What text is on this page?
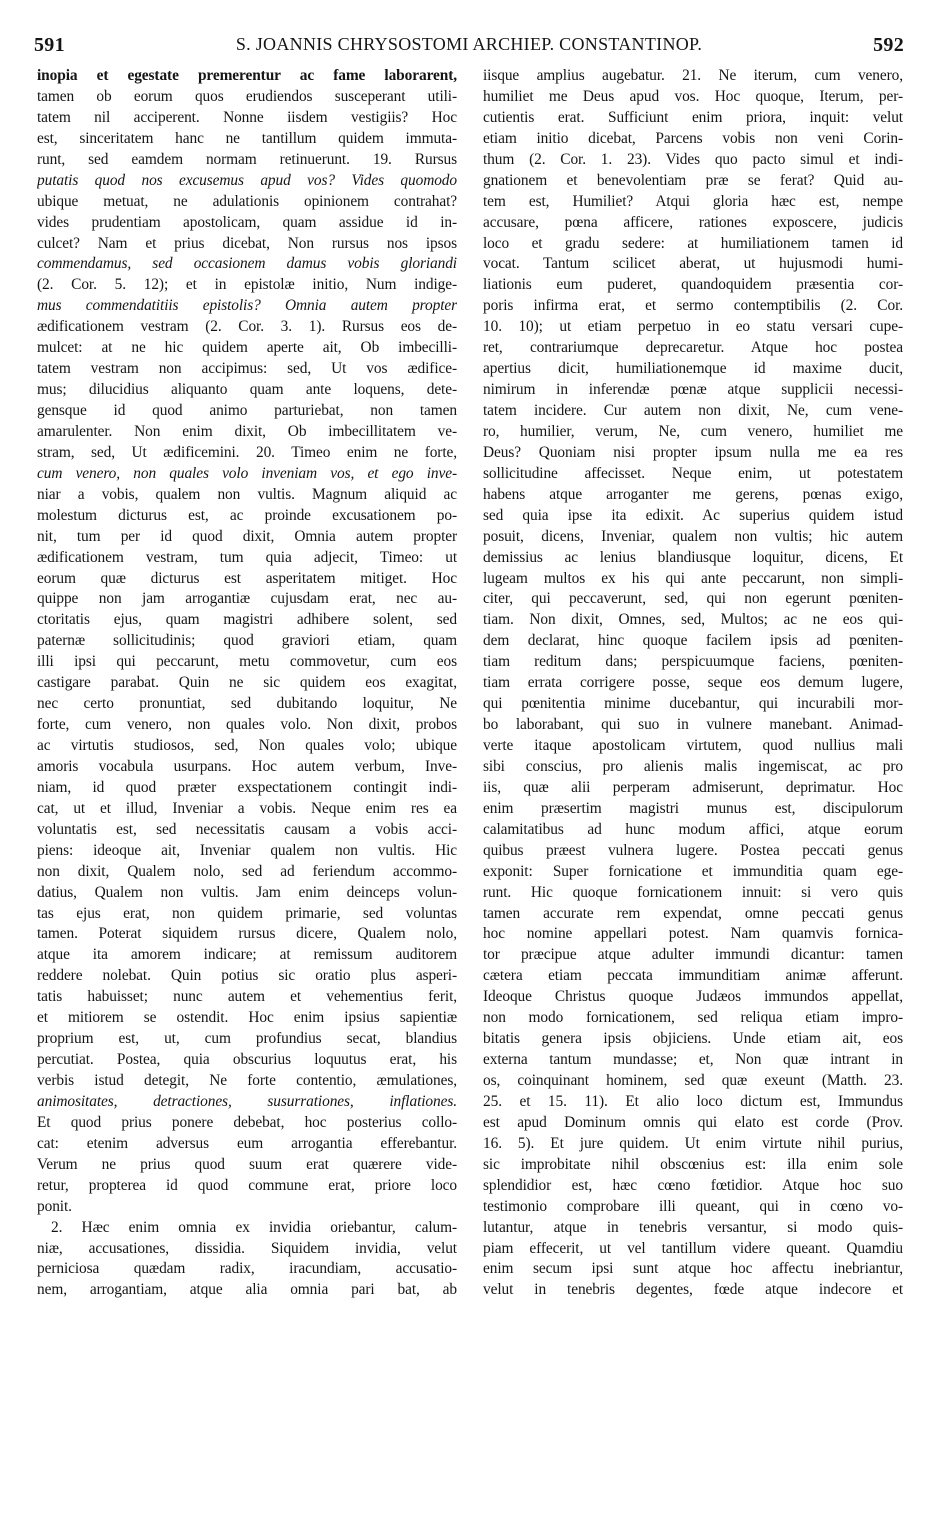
591	S. JOANNIS CHRYSOSTOMI ARCHIEP. CONSTANTINOP.	592
inopia et egestate premerentur ac fame laborarent,
tamen ob eorum quos erudiendos susceperant utili-
tatem nil acciperent. Nonne iisdem vestigiis? Hoc
est, sinceritatem hanc ne tantillum quidem immuta-
runt, sed eamdem normam retinuerunt. 19. Rursus
putatis quod nos excusemus apud vos? Vides quomodo
ubique metuat, ne adulationis opinionem contrahat?
vides prudentiam apostolicam, quam assidue id in-
culcet? Nam et prius dicebat, Non rursus nos ipsos
commendamus, sed occasionem damus vobis gloriandi
(2. Cor. 5. 12); et in epistolæ initio, Num indige-
mus commendatitiis epistolis? Omnia autem propter
ædificationem vestram (2. Cor. 3. 1). Rursus eos de-
mulcet: at ne hic quidem aperte ait, Ob imbecilli-
tatem vestram non accipimus: sed, Ut vos ædifice-
mus; dilucidius aliquanto quam ante loquens, dete-
gensque id quod animo parturiebat, non tamen
amarulenter. Non enim dixit, Ob imbecillitatem ve-
stram, sed, Ut ædificemini. 20. Timeo enim ne forte,
cum venero, non quales volo inveniam vos, et ego inve-
niar a vobis, qualem non vultis. Magnum aliquid ac
molestum dicturus est, ac proinde excusationem po-
nit, tum per id quod dixit, Omnia autem propter
ædificationem vestram, tum quia adjecit, Timeo: ut
eorum quæ dicturus est asperitatem mitiget. Hoc
quippe non jam arrogantiæ cujusdam erat, nec au-
ctoritatis ejus, quam magistri adhibere solent, sed
paternæ sollicitudinis; quod graviori etiam, quam
illi ipsi qui peccarunt, metu commovetur, cum eos
castigare parabat. Quin ne sic quidem eos exagitat,
nec certo pronuntiat, sed dubitando loquitur, Ne
forte, cum venero, non quales volo. Non dixit, probos
ac virtutis studiosos, sed, Non quales volo; ubique
amoris vocabula usurpans. Hoc autem verbum, Inve-
niam, id quod præter exspectationem contingit indi-
cat, ut et illud, Inveniar a vobis. Neque enim res ea
voluntatis est, sed necessitatis causam a vobis acci-
piens: ideoque ait, Inveniar qualem non vultis. Hic
non dixit, Qualem nolo, sed ad feriendum accommo-
datius, Qualem non vultis. Jam enim deinceps volun-
tas ejus erat, non quidem primarie, sed voluntas
tamen. Poterat siquidem rursus dicere, Qualem nolo,
atque ita amorem indicare; at remissum auditorem
reddere nolebat. Quin potius sic oratio plus asperi-
tatis habuisset; nunc autem et vehementius ferit,
et mitiorem se ostendit. Hoc enim ipsius sapientiæ
proprium est, ut, cum profundius secat, blandius
percutiat. Postea, quia obscurius loquutus erat, his
verbis istud detegit, Ne forte contentio, æmulationes,
animositates, detractiones, susurrationes, inflationes.
Et quod prius ponere debebat, hoc posterius collo-
cat: etenim adversus eum arrogantia efferebantur.
Verum ne prius quod suum erat quærere vide-
retur, propterea id quod commune erat, priore loco
ponit.
2. Hæc enim omnia ex invidia oriebantur, calum-
niæ, accusationes, dissidia. Siquidem invidia, velut
perniciosa quædam radix, iracundiam, accusatio-
nem, arrogantiam, atque alia omnia pari bat, ab
iisque amplius augebatur. 21. Ne iterum, cum venero,
humiliet me Deus apud vos. Hoc quoque, Iterum, per-
cutientis erat. Sufficiunt enim priora, inquit: velut
etiam initio dicebat, Parcens vobis non veni Corin-
thum (2. Cor. 1. 23). Vides quo pacto simul et indi-
gnationem et benevolentiam præ se ferat? Quid au-
tem est, Humiliet? Atqui gloria hæc est, nempe
accusare, pœna afficere, rationes exposcere, judicis
loco et gradu sedere: at humiliationem tamen id
vocat. Tantum scilicet aberat, ut hujusmodi humi-
liationis eum puderet, quandoquidem præsentia cor-
poris infirma erat, et sermo contemptibilis (2. Cor.
10. 10); ut etiam perpetuo in eo statu versari cupe-
ret, contrariumque deprecaretur. Atque hoc postea
apertius dicit, humiliationemque id maxime ducit,
nimirum in inferendæ pœnæ atque supplicii necessi-
tatem incidere. Cur autem non dixit, Ne, cum vene-
ro, humilier, verum, Ne, cum venero, humiliet me
Deus? Quoniam nisi propter ipsum nulla me ea res
sollicitudine affecisset. Neque enim, ut potestatem
habens atque arroganter me gerens, pœnas exigo,
sed quia ipse ita edixit. Ac superius quidem istud
posuit, dicens, Inveniar, qualem non vultis; hic autem
demissius ac lenius blandiusque loquitur, dicens, Et
lugeam multos ex his qui ante peccarunt, non simpli-
citer, qui peccaverunt, sed, qui non egerunt pœniten-
tiam. Non dixit, Omnes, sed, Multos; ac ne eos qui-
dem declarat, hinc quoque facilem ipsis ad pœniten-
tiam reditum dans; perspicuumque faciens, pœniten-
tiam errata corrigere posse, seque eos demum lugere,
qui pœnitentia minime ducebantur, qui incurabili mor-
bo laborabant, qui suo in vulnere manebant. Animad-
verte itaque apostolicam virtutem, quod nullius mali
sibi conscius, pro alienis malis ingemiscat, ac pro
iis, quæ alii perperam admiserunt, deprimatur. Hoc
enim præsertim magistri munus est, discipulorum
calamitatibus ad hunc modum affici, atque eorum
quibus præest vulnera lugere. Postea peccati genus
exponit: Super fornicatione et immunditia quam ege-
runt. Hic quoque fornicationem innuit: si vero quis
tamen accurate rem expendat, omne peccati genus
hoc nomine appellari potest. Nam quamvis fornica-
tor præcipue atque adulter immundi dicantur: tamen
cætera etiam peccata immunditiam animæ afferunt.
Ideoque Christus quoque Judæos immundos appellat,
non modo fornicationem, sed reliqua etiam impro-
bitatis genera ipsis objiciens. Unde etiam ait, eos
externa tantum mundasse; et, Non quæ intrant in
os, coinquinant hominem, sed quæ exeunt (Matth. 23.
25. et 15. 11). Et alio loco dictum est, Immundus
est apud Dominum omnis qui elato est corde (Prov.
16. 5). Et jure quidem. Ut enim virtute nihil purius,
sic improbitate nihil obscœnius est: illa enim sole
splendidior est, hæc cœno fœtidior. Atque hoc suo
testimonio comprobare illi queant, qui in cœno vo-
lutantur, atque in tenebris versantur, si modo quis-
piam effecerit, ut vel tantillum videre queant. Quamdiu
enim secum ipsi sunt atque hoc affectu inebriantur,
velut in tenebris degentes, fœde atque indecore et
